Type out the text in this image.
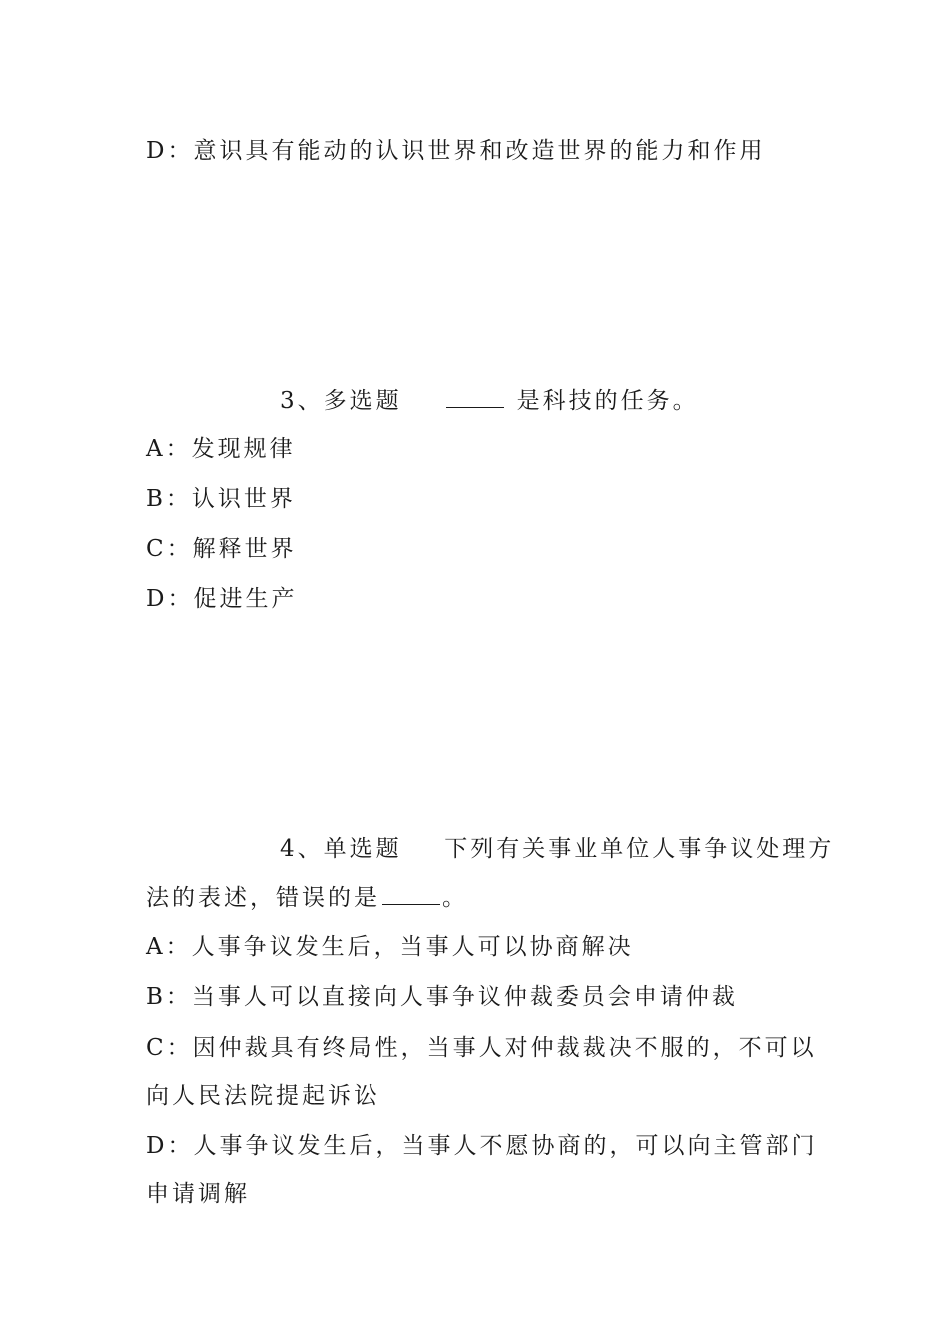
D：意识具有能动的认识世界和改造世界的能力和作用
3、多选题	是科技的任务。
A：发现规律
B：认识世界
C：解释世界
D：促进生产
4、单选题 下列有关事业单位人事争议处理方
法的表述，错误的是	。
A：人事争议发生后，当事人可以协商解决
B：当事人可以直接向人事争议仲裁委员会申请仲裁
C：因仲裁具有终局性，当事人对仲裁裁决不服的，不可以
向人民法院提起诉讼
D：人事争议发生后，当事人不愿协商的，可以向主管部门
申请调解
